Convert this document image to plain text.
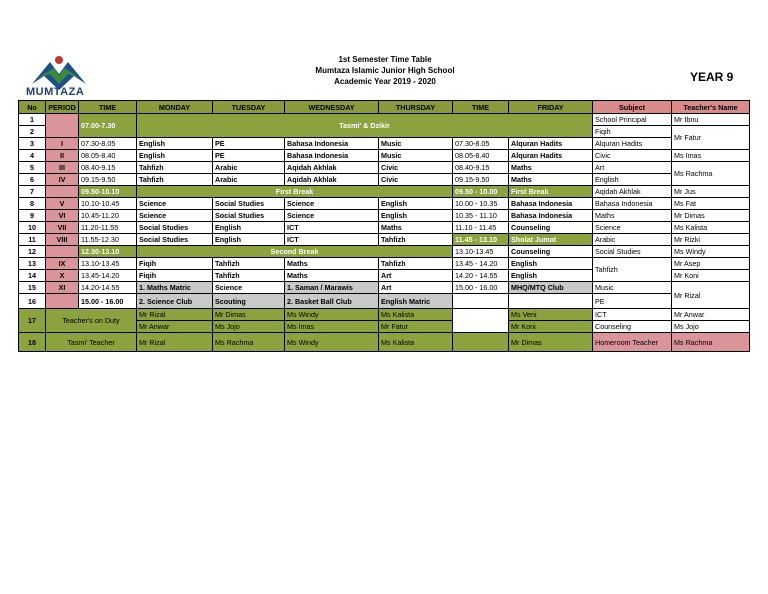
MUMTAZA
1st Semester Time Table
Mumtaza Islamic Junior High School
Academic Year 2019 - 2020	YEAR 9
No	PERIOD	TIME	MONDAY	TUESDAY	WEDNESDAY	THURSDAY	TIME	FRIDAY	Subject	Teacher's Name
1		07.00-7.30	Tasmi' & Dzikir						School Principal	Mr Ibnu
2									Fiqih	Mr Fatur
3	I	07.30-8.05	English	PE	Bahasa Indonesia	Music	07.30-8.05	Alquran Hadits	Alquran Hadits	
4	II	08.05-8.40	English	PE	Bahasa Indonesia	Music	08.05-8.40	Alquran Hadits	Civic	Ms Imas
5	III	08.40-9.15	Tahfizh	Arabic	Aqidah Akhlak	Civic	08.40-9.15	Maths	Art	Ms Rachma
6	IV	09.15-9.50	Tahfizh	Arabic	Aqidah Akhlak	Civic	09.15-9.50	Maths	English	
7		09.50-10.10	First Break				09.50 - 10.00	First Break	Aqidah Akhlak	Mr Jus
8	V	10.10-10.45	Science	Social Studies	Science	English	10.00 - 10.35	Bahasa Indonesia	Bahasa Indonesia	Ms Fat
9	VI	10.45-11.20	Science	Social Studies	Science	English	10.35 - 11.10	Bahasa Indonesia	Maths	Mr Dimas
10	VII	11.20-11.55	Social Studies	English	ICT	Maths	11.10 - 11.45	Counseling	Science	Ms Kalista
11	VIII	11.55-12.30	Social Studies	English	ICT	Tahfizh	11.45 - 13.10	Sholat Jumat	Arabic	Mr Rizki
12		12.30-13.10	Second Break				13.10-13.45	Counseling	Social Studies	Ms Windy
13	IX	13.10-13.45	Fiqih	Tahfizh	Maths	Tahfizh	13.45 - 14.20	English	Tahfizh	Mr Asep
14	X	13.45-14.20	Fiqih	Tahfizh	Maths	Art	14.20 - 14.55	English		Mr Koni
15	XI	14.20-14.55	1. Maths Matric	Science	1. Saman / Marawis	Art	15.00 - 16.00	MHQ/MTQ Club	Music	Mr Rizal
16		15.00 - 16.00	2. Science Club	Scouting	2. Basket Ball Club	English Matric			PE	
17	Teacher's on Duty		Mr Rizal	Mr Dimas	Ms Windy	Ms Kalista		Ms Veni	ICT	Mr Anwar
			Mr Anwar	Ms Jojo	Ms Imas	Mr Fatur		Mr Koni	Counseling	Ms Jojo
18	Tasmi' Teacher		Mr Rizal	Ms Rachma	Ms Windy	Ms Kalista		Mr Dimas	Homeroom Teacher	Ms Rachma
